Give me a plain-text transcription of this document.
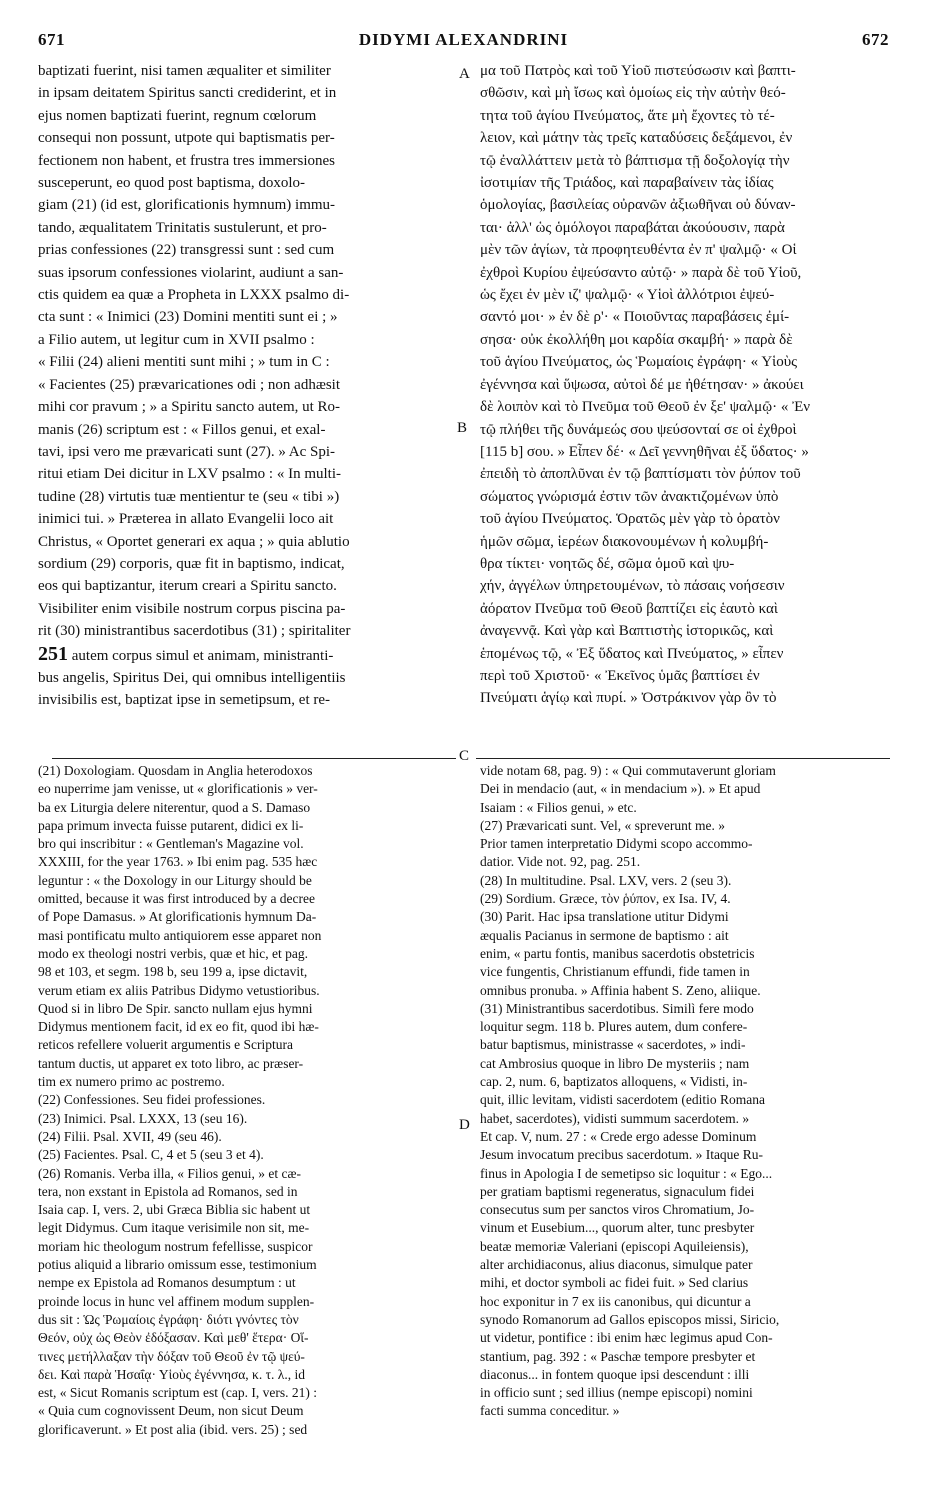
671	DIDYMI ALEXANDRINI	672
A
B
C
D
baptizati fuerint, nisi tamen æqualiter et similiter
in ipsam deitatem Spiritus sancti crediderint, et in
ejus nomen baptizati fuerint, regnum cœlorum
consequi non possunt, utpote qui baptismatis per-
fectionem non habent, et frustra tres immersiones
susceperunt, eo quod post baptisma, doxolo-
giam (21) (id est, glorificationis hymnum) immu-
tando, æqualitatem Trinitatis sustulerunt, et pro-
prias confessiones (22) transgressi sunt : sed cum
suas ipsorum confessiones violarint, audiunt a san-
ctis quidem ea quæ a Propheta in LXXX psalmo di-
cta sunt : « Inimici (23) Domini mentiti sunt ei ; »
a Filio autem, ut legitur cum in XVII psalmo :
« Filii (24) alieni mentiti sunt mihi ; » tum in C :
« Facientes (25) prævaricationes odi ; non adhæsit
mihi cor pravum ; » a Spiritu sancto autem, ut Ro-
manis (26) scriptum est : « Fillos genui, et exal-
tavi, ipsi vero me prævaricati sunt (27). » Ac Spi-
ritui etiam Dei dicitur in LXV psalmo : « In multi-
tudine (28) virtutis tuæ mentientur te (seu « tibi »)
inimici tui. » Præterea in allato Evangelii loco ait
Christus, « Oportet generari ex aqua ; » quia ablutio
sordium (29) corporis, quæ fit in baptismo, indicat,
eos qui baptizantur, iterum creari a Spiritu sancto.
Visibiliter enim visibile nostrum corpus piscina pa-
rit (30) ministrantibus sacerdotibus (31) ; spiritaliter
251 autem corpus simul et animam, ministranti-
bus angelis, Spiritus Dei, qui omnibus intelligentiis
invisibilis est, baptizat ipse in semetipsum, et re-
μα τοῦ Πατρὸς καὶ τοῦ Υἱοῦ πιστεύσωσιν καὶ βαπτι-
σθῶσιν, καὶ μὴ ἴσως καὶ ὁμοίως εἰς τὴν αὐτὴν θεό-
τητα τοῦ ἁγίου Πνεύματος, ἅτε μὴ ἔχοντες τὸ τέ-
λειον, καὶ μάτην τὰς τρεῖς καταδύσεις δεξάμενοι, ἐν
τῷ ἐναλλάττειν μετὰ τὸ βάπτισμα τῇ δοξολογίᾳ τὴν
ἰσοτιμίαν τῆς Τριάδος, καὶ παραβαίνειν τὰς ἰδίας
ὁμολογίας, βασιλείας οὐρανῶν ἀξιωθῆναι οὐ δύναν-
ται· ἀλλ' ὡς ὁμόλογοι παραβάται ἀκούουσιν, παρὰ
μὲν τῶν ἁγίων, τὰ προφητευθέντα ἐν π' ψαλμῷ· « Οἱ
ἐχθροὶ Κυρίου ἐψεύσαντο αὐτῷ· » παρὰ δὲ τοῦ Υἱοῦ,
ὡς ἔχει ἐν μὲν ιζ' ψαλμῷ· « Υἱοὶ ἀλλότριοι ἐψεύ-
σαντό μοι· » ἐν δὲ ρ'· « Ποιοῦντας παραβάσεις ἐμί-
σησα· οὐκ ἐκολλήθη μοι καρδία σκαμβή· » παρὰ δὲ
τοῦ ἁγίου Πνεύματος, ὡς Ῥωμαίοις ἐγράφη· « Υἱοὺς
ἐγέννησα καὶ ὕψωσα, αὐτοὶ δέ με ἠθέτησαν· » ἀκούει
δὲ λοιπὸν καὶ τὸ Πνεῦμα τοῦ Θεοῦ ἐν ξε' ψαλμῷ· « Ἐν
τῷ πλήθει τῆς δυνάμεώς σου ψεύσονταί σε οἱ ἐχθροὶ
[115 b] σου. » Εἶπεν δέ· « Δεῖ γεννηθῆναι ἐξ ὕδατος· »
ἐπειδὴ τὸ ἀποπλῦναι ἐν τῷ βαπτίσματι τὸν ῥύπον τοῦ
σώματος γνώρισμά ἐστιν τῶν ἀνακτιζομένων ὑπὸ
τοῦ ἁγίου Πνεύματος. Ὁρατῶς μὲν γὰρ τὸ ὁρατὸν
ἡμῶν σῶμα, ἱερέων διακονουμένων ἡ κολυμβή-
θρα τίκτει· νοητῶς δέ, σῶμα ὁμοῦ καὶ ψυ-
χήν, ἀγγέλων ὑπηρετουμένων, τὸ πάσαις νοήσεσιν
ἀόρατον Πνεῦμα τοῦ Θεοῦ βαπτίζει εἰς ἑαυτὸ καὶ
ἀναγεννᾷ. Καὶ γὰρ καὶ Βαπτιστὴς ἱστορικῶς, καὶ
ἑπομένως τῷ, « Ἐξ ὕδατος καὶ Πνεύματος, » εἶπεν
περὶ τοῦ Χριστοῦ· « Ἐκεῖνος ὑμᾶς βαπτίσει ἐν
Πνεύματι ἁγίῳ καὶ πυρί. » Ὀστράκινον γὰρ ὂν τὸ
(21) Doxologiam. Quosdam in Anglia heterodoxos
eo nuperrime jam venisse, ut « glorificationis » ver-
ba ex Liturgia delere niterentur, quod a S. Damaso
papa primum invecta fuisse putarent, didici ex li-
bro qui inscribitur : « Gentleman's Magazine vol.
XXXIII, for the year 1763. » Ibi enim pag. 535 hæc
leguntur : « the Doxology in our Liturgy should be
omitted, because it was first introduced by a decree
of Pope Damasus. » At glorificationis hymnum Da-
masi pontificatu multo antiquiorem esse apparet non
modo ex theologi nostri verbis, quæ et hic, et pag.
98 et 103, et segm. 198 b, seu 199 a, ipse dictavit,
verum etiam ex aliis Patribus Didymo vetustioribus.
Quod si in libro De Spir. sancto nullam ejus hymni
Didymus mentionem facit, id ex eo fit, quod ibi hæ-
reticos refellere voluerit argumentis e Scriptura
tantum ductis, ut apparet ex toto libro, ac præser-
tim ex numero primo ac postremo.
(22) Confessiones. Seu fidei professiones.
(23) Inimici. Psal. LXXX, 13 (seu 16).
(24) Filii. Psal. XVII, 49 (seu 46).
(25) Facientes. Psal. C, 4 et 5 (seu 3 et 4).
(26) Romanis. Verba illa, « Filios genui, » et cæ-
tera, non exstant in Epistola ad Romanos, sed in
Isaia cap. I, vers. 2, ubi Græca Biblia sic habent ut
legit Didymus. Cum itaque verisimile non sit, me-
moriam hic theologum nostrum fefellisse, suspicor
potius aliquid a librario omissum esse, testimonium
nempe ex Epistola ad Romanos desumptum : ut
proinde locus in hunc vel affinem modum supplen-
dus sit : Ὡς Ῥωμαίοις ἐγράφη· διότι γνόντες τὸν
Θεόν, οὐχ ὡς Θεὸν ἐδόξασαν. Καὶ μεθ' ἕτερα· Οἵ-
τινες μετήλλαξαν τὴν δόξαν τοῦ Θεοῦ ἐν τῷ ψεύ-
δει. Καὶ παρὰ Ἡσαΐᾳ· Υἱοὺς ἐγέννησα, κ. τ. λ., id
est, « Sicut Romanis scriptum est (cap. I, vers. 21) :
« Quia cum cognovissent Deum, non sicut Deum
glorificaverunt. » Et post alia (ibid. vers. 25) ; sed
vide notam 68, pag. 9) : « Qui commutaverunt gloriam
Dei in mendacio (aut, « in mendacium »). » Et apud
Isaiam : « Filios genui, » etc.
(27) Prævaricati sunt. Vel, « spreverunt me. »
Prior tamen interpretatio Didymi scopo accommo-
datior. Vide not. 92, pag. 251.
(28) In multitudine. Psal. LXV, vers. 2 (seu 3).
(29) Sordium. Græce, τὸν ῥύπον, ex Isa. IV, 4.
(30) Parit. Hac ipsa translatione utitur Didymi
æqualis Pacianus in sermone de baptismo : ait
enim, « partu fontis, manibus sacerdotis obstetricis
vice fungentis, Christianum effundi, fide tamen in
omnibus pronuba. » Affinia habent S. Zeno, aliique.
(31) Ministrantibus sacerdotibus. Similì fere modo
loquitur segm. 118 b. Plures autem, dum confere-
batur baptismus, ministrasse « sacerdotes, » indi-
cat Ambrosius quoque in libro De mysteriis ; nam
cap. 2, num. 6, baptizatos alloquens, « Vidisti, in-
quit, illic levitam, vidisti sacerdotem (editio Romana
habet, sacerdotes), vidisti summum sacerdotem. »
Et cap. V, num. 27 : « Crede ergo adesse Dominum
Jesum invocatum precibus sacerdotum. » Itaque Ru-
finus in Apologia I de semetipso sic loquitur : « Ego...
per gratiam baptismi regeneratus, signaculum fidei
consecutus sum per sanctos viros Chromatium, Jo-
vinum et Eusebium..., quorum alter, tunc presbyter
beatæ memoriæ Valeriani (episcopi Aquileiensis),
alter archidiaconus, alius diaconus, simulque pater
mihi, et doctor symboli ac fidei fuit. » Sed clarius
hoc exponitur in 7 ex iis canonibus, qui dicuntur a
synodo Romanorum ad Gallos episcopos missi, Siricio,
ut videtur, pontifice : ibi enim hæc legimus apud Con-
stantium, pag. 392 : « Paschæ tempore presbyter et
diaconus... in fontem quoque ipsi descendunt : illi
in officio sunt ; sed illius (nempe episcopi) nomini
facti summa conceditur. »
